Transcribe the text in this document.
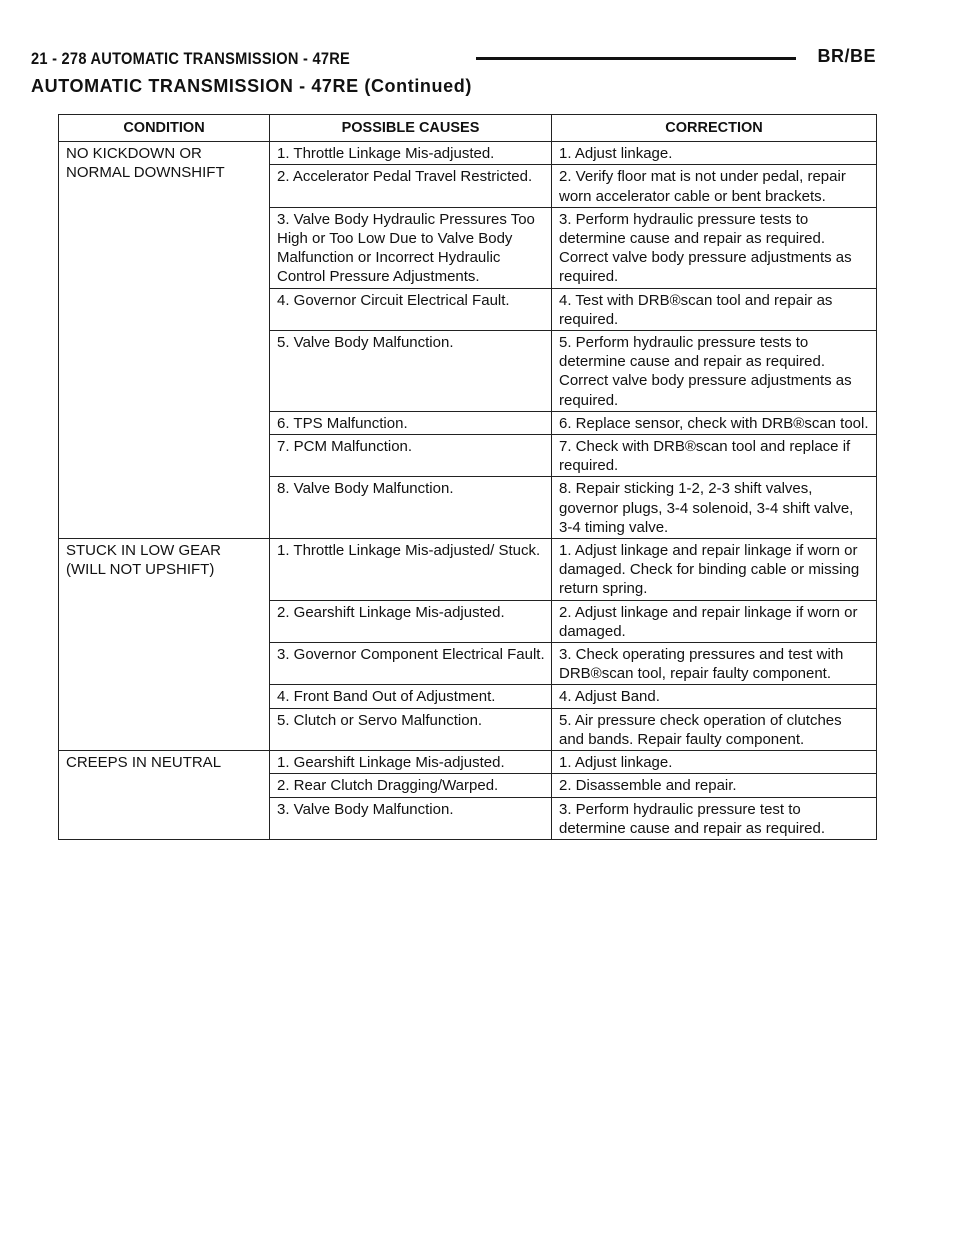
21 - 278 AUTOMATIC TRANSMISSION - 47RE	BR/BE
AUTOMATIC TRANSMISSION - 47RE (Continued)
CONDITION	POSSIBLE CAUSES	CORRECTION
NO KICKDOWN OR
NORMAL DOWNSHIFT	1. Throttle Linkage Mis-adjusted.	1. Adjust linkage.
	2. Accelerator Pedal Travel Restricted.	2. Verify floor mat is not under pedal, repair worn accelerator cable or bent brackets.
	3. Valve Body Hydraulic Pressures Too High or Too Low Due to Valve Body Malfunction or Incorrect Hydraulic Control Pressure Adjustments.	3. Perform hydraulic pressure tests to determine cause and repair as required. Correct valve body pressure adjustments as required.
	4. Governor Circuit Electrical Fault.	4. Test with DRB®scan tool and repair as required.
	5. Valve Body Malfunction.	5. Perform hydraulic pressure tests to determine cause and repair as required. Correct valve body pressure adjustments as required.
	6. TPS Malfunction.	6. Replace sensor, check with DRB®scan tool.
	7. PCM Malfunction.	7. Check with DRB®scan tool and replace if required.
	8. Valve Body Malfunction.	8. Repair sticking 1-2, 2-3 shift valves, governor plugs, 3-4 solenoid, 3-4 shift valve, 3-4 timing valve.
STUCK IN LOW GEAR
(WILL NOT UPSHIFT)	1. Throttle Linkage Mis-adjusted/ Stuck.	1. Adjust linkage and repair linkage if worn or damaged. Check for binding cable or missing return spring.
	2. Gearshift Linkage Mis-adjusted.	2. Adjust linkage and repair linkage if worn or damaged.
	3. Governor Component Electrical Fault.	3. Check operating pressures and test with DRB®scan tool, repair faulty component.
	4. Front Band Out of Adjustment.	4. Adjust Band.
	5. Clutch or Servo Malfunction.	5. Air pressure check operation of clutches and bands. Repair faulty component.
CREEPS IN NEUTRAL	1. Gearshift Linkage Mis-adjusted.	1. Adjust linkage.
	2. Rear Clutch Dragging/Warped.	2. Disassemble and repair.
	3. Valve Body Malfunction.	3. Perform hydraulic pressure test to determine cause and repair as required.
